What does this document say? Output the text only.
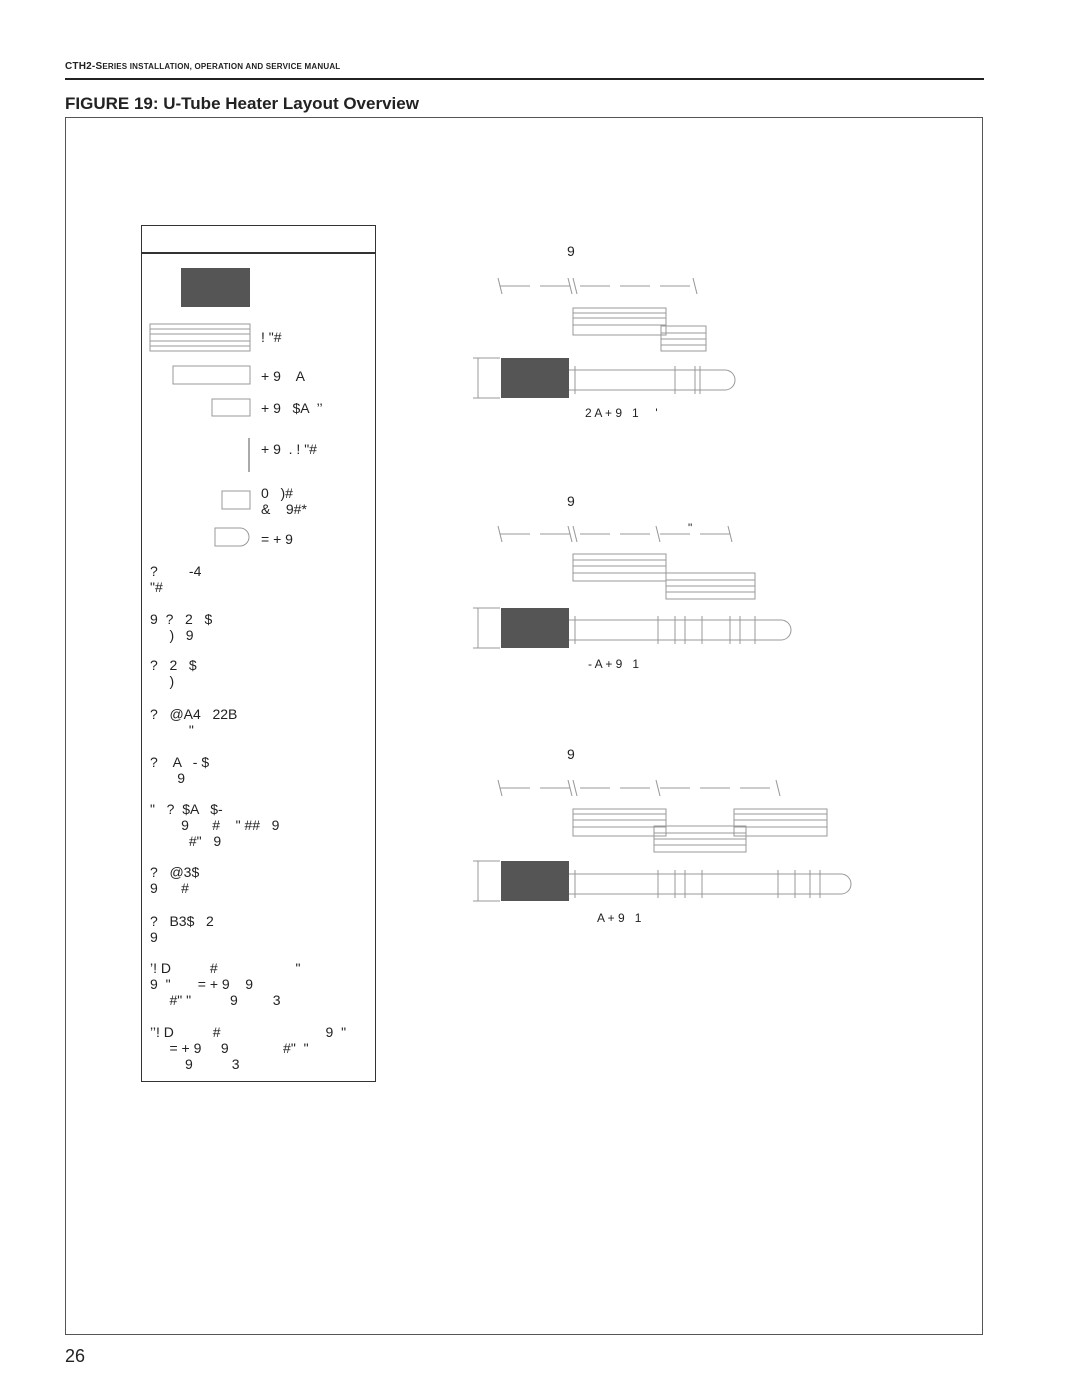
CTH2-SERIES INSTALLATION, OPERATION AND SERVICE MANUAL
FIGURE 19: U-Tube Heater Layout Overview
! "#
+ 9    A
+ 9   $A  ’’
+ 9  . ! "#
0   )#
&    9#*
= + 9
?        -4
"#
9  ?   2   $
)   9
?   2   $
)
?   @A4   22B
"
?    A   - $
9
"   ?  $A   $-
9      #    " ##   9
#"   9
?   @3$
9      #
?   B3$   2
9
’! D          #                    "
9  "       = + 9    9
#" "          9         3
’’! D          #                           9  "
= + 9     9              #"  "
9          3
9
2 A + 9   1     '
9
"
- A + 9   1
9
A + 9   1
26
